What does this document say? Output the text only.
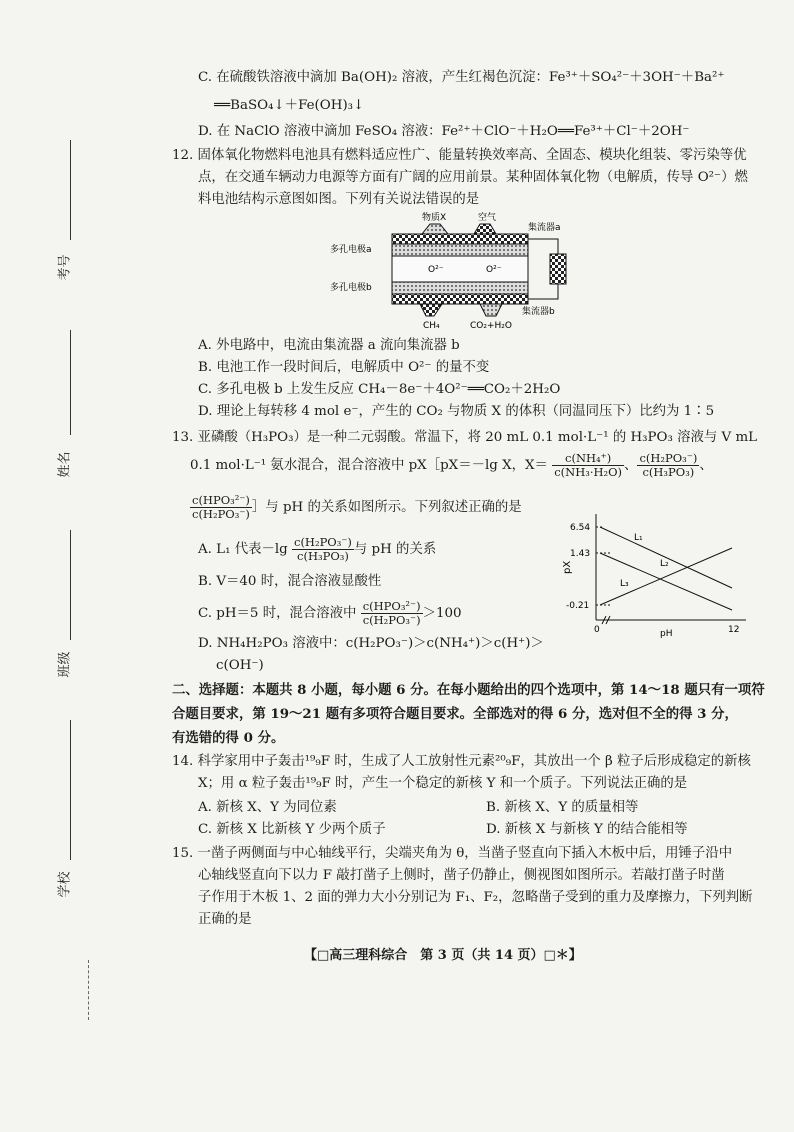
考号
姓名
班级
学校
C. 在硫酸铁溶液中滴加 Ba(OH)₂ 溶液，产生红褐色沉淀：Fe³⁺＋SO₄²⁻＋3OH⁻＋Ba²⁺
══BaSO₄↓＋Fe(OH)₃↓
D. 在 NaClO 溶液中滴加 FeSO₄ 溶液：Fe²⁺＋ClO⁻＋H₂O══Fe³⁺＋Cl⁻＋2OH⁻
12. 固体氧化物燃料电池具有燃料适应性广、能量转换效率高、全固态、模块化组装、零污染等优
点，在交通车辆动力电源等方面有广阔的应用前景。某种固体氧化物（电解质，传导 O²⁻）燃
料电池结构示意图如图。下列有关说法错误的是
物质X	空气
集流器a
多孔电极a
多孔电极b
O²⁻	O²⁻
集流器b
CH₄	CO₂+H₂O
A. 外电路中，电流由集流器 a 流向集流器 b
B. 电池工作一段时间后，电解质中 O²⁻ 的量不变
C. 多孔电极 b 上发生反应 CH₄－8e⁻＋4O²⁻══CO₂＋2H₂O
D. 理论上每转移 4 mol e⁻，产生的 CO₂ 与物质 X 的体积（同温同压下）比约为 1∶5
13. 亚磷酸（H₃PO₃）是一种二元弱酸。常温下，将 20 mL 0.1 mol·L⁻¹ 的 H₃PO₃ 溶液与 V mL
0.1 mol·L⁻¹ 氨水混合，混合溶液中 pX［pX＝－lg X，$X= \frac{\text{c(NH₄⁺)}}{\text{c(NH₃·H₂O)}}$ 、 $\frac{\text{c(H₂PO₃⁻)}}{\text{c(H₃PO₃)}}$ 、
$\frac{\text{c(HPO₃²⁻)}}{\text{c(H₂PO₃⁻)}}$ ］与 pH 的关系如图所示。下列叙述正确的是
A. L₁ 代表$-\lg \frac{\text{c(H₂PO₃⁻)}}{\text{c(H₃PO₃)}}$ 与 pH 的关系
B. V＝40 时，混合溶液显酸性
C. pH＝5 时，混合溶液中 $\frac{\text{c(HPO₃²⁻)}}{\text{c(H₂PO₃⁻)}} >100$
D. NH₄H₂PO₃ 溶液中：c(H₂PO₃⁻)＞c(NH₄⁺)＞c(H⁺)＞
c(OH⁻)
pX
pH
6.54
1.43
-0.21
0	12
L₁
L₂
L₃
二、选择题：本题共 8 小题，每小题 6 分。在每小题给出的四个选项中，第 14～18 题只有一项符
合题目要求，第 19～21 题有多项符合题目要求。全部选对的得 6 分，选对但不全的得 3 分，
有选错的得 0 分。
14. 科学家用中子轰击¹⁹₉F 时，生成了人工放射性元素²⁰₉F，其放出一个 β 粒子后形成稳定的新核
X；用 α 粒子轰击¹⁹₉F 时，产生一个稳定的新核 Y 和一个质子。下列说法正确的是
A. 新核 X、Y 为同位素	B. 新核 X、Y 的质量相等
C. 新核 X 比新核 Y 少两个质子	D. 新核 X 与新核 Y 的结合能相等
15. 一凿子两侧面与中心轴线平行，尖端夹角为 θ，当凿子竖直向下插入木板中后，用锤子沿中
心轴线竖直向下以力 F 敲打凿子上侧时，凿子仍静止，侧视图如图所示。若敲打凿子时凿
子作用于木板 1、2 面的弹力大小分别记为 F₁、F₂，忽略凿子受到的重力及摩擦力，下列判断
正确的是
【□高三理科综合　第 3 页（共 14 页）□＊】
